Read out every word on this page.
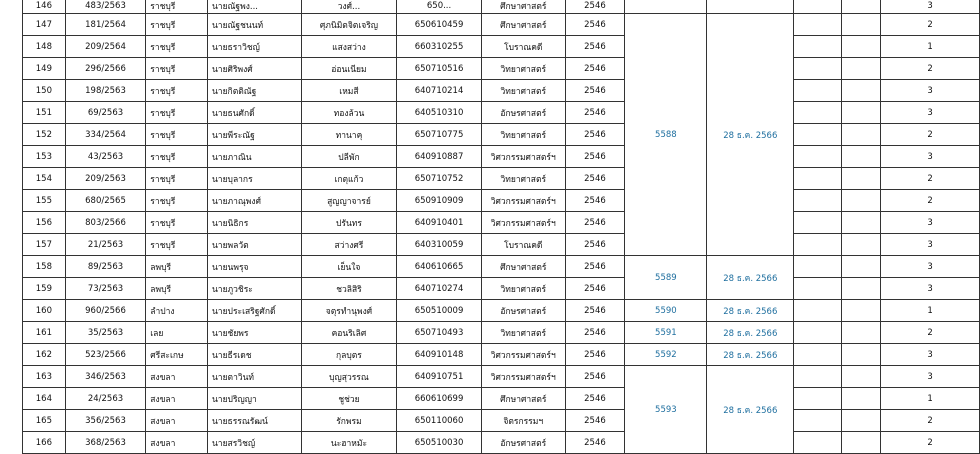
146	483/2563	ราชบุรี	นายณัฐพง...	วงศ์...	650...	ศึกษาศาสตร์	2546					3
147	181/2564	ราชบุรี	นายณัฐชนนท์	ศุภนิมิตจิตเจริญ	650610459	ศึกษาศาสตร์	2546	5588	28 ธ.ค. 2566			2
148	209/2564	ราชบุรี	นายธราวิชญ์	แสงสว่าง	660310255	โบราณคดี	2546					1
149	296/2566	ราชบุรี	นายศิริพงศ์	อ่อนเนียม	650710516	วิทยาศาสตร์	2546					2
150	198/2563	ราชบุรี	นายกิตติณัฐ	เหมสี	640710214	วิทยาศาสตร์	2546					3
151	69/2563	ราชบุรี	นายธนศักดิ์	ทองล้วน	640510310	อักษรศาสตร์	2546					3
152	334/2564	ราชบุรี	นายพีระณัฐ	ทานาคุ	650710775	วิทยาศาสตร์	2546					2
153	43/2563	ราชบุรี	นายภาณิน	ปลีพัก	640910887	วิศวกรรมศาสตร์ฯ	2546					3
154	209/2563	ราชบุรี	นายบุลากร	เกตุแก้ว	650710752	วิทยาศาสตร์	2546					2
155	680/2565	ราชบุรี	นายภาณุพงศ์	สูญญาจารย์	650910909	วิศวกรรมศาสตร์ฯ	2546					2
156	803/2566	ราชบุรี	นายนิธิกร	ปรันทร	640910401	วิศวกรรมศาสตร์ฯ	2546					3
157	21/2563	ราชบุรี	นายพลวัต	สว่างศรี	640310059	โบราณคดี	2546					3
158	89/2563	ลพบุรี	นายนพรุจ	เย็นใจ	640610665	ศึกษาศาสตร์	2546	5589	28 ธ.ค. 2566			3
159	73/2563	ลพบุรี	นายภูวชิระ	ชวลิสิริ	640710274	วิทยาศาสตร์	2546					3
160	960/2566	ลำปาง	นายประเสริฐศักดิ์	จตุรทำนุพงศ์	650510009	อักษรศาสตร์	2546	5590	28 ธ.ค. 2566			1
161	35/2563	เลย	นายชัยพร	คอนริเลิศ	650710493	วิทยาศาสตร์	2546	5591	28 ธ.ค. 2566			2
162	523/2566	ศรีสะเกษ	นายธีรเดช	กุลบุตร	640910148	วิศวกรรมศาสตร์ฯ	2546	5592	28 ธ.ค. 2566			3
163	346/2563	สงขลา	นายตาวินท์	บุญสุวรรณ	640910751	วิศวกรรมศาสตร์ฯ	2546	5593	28 ธ.ค. 2566			3
164	24/2563	สงขลา	นายปริญญา	ชูช่วย	660610699	ศึกษาศาสตร์	2546					1
165	356/2563	สงขลา	นายธรรณรัฒน์	รักพรม	650110060	จิตรกรรมฯ	2546					2
166	368/2563	สงขลา	นายสรวิชญ์	นะฮาหมัะ	650510030	อักษรศาสตร์	2546					2
